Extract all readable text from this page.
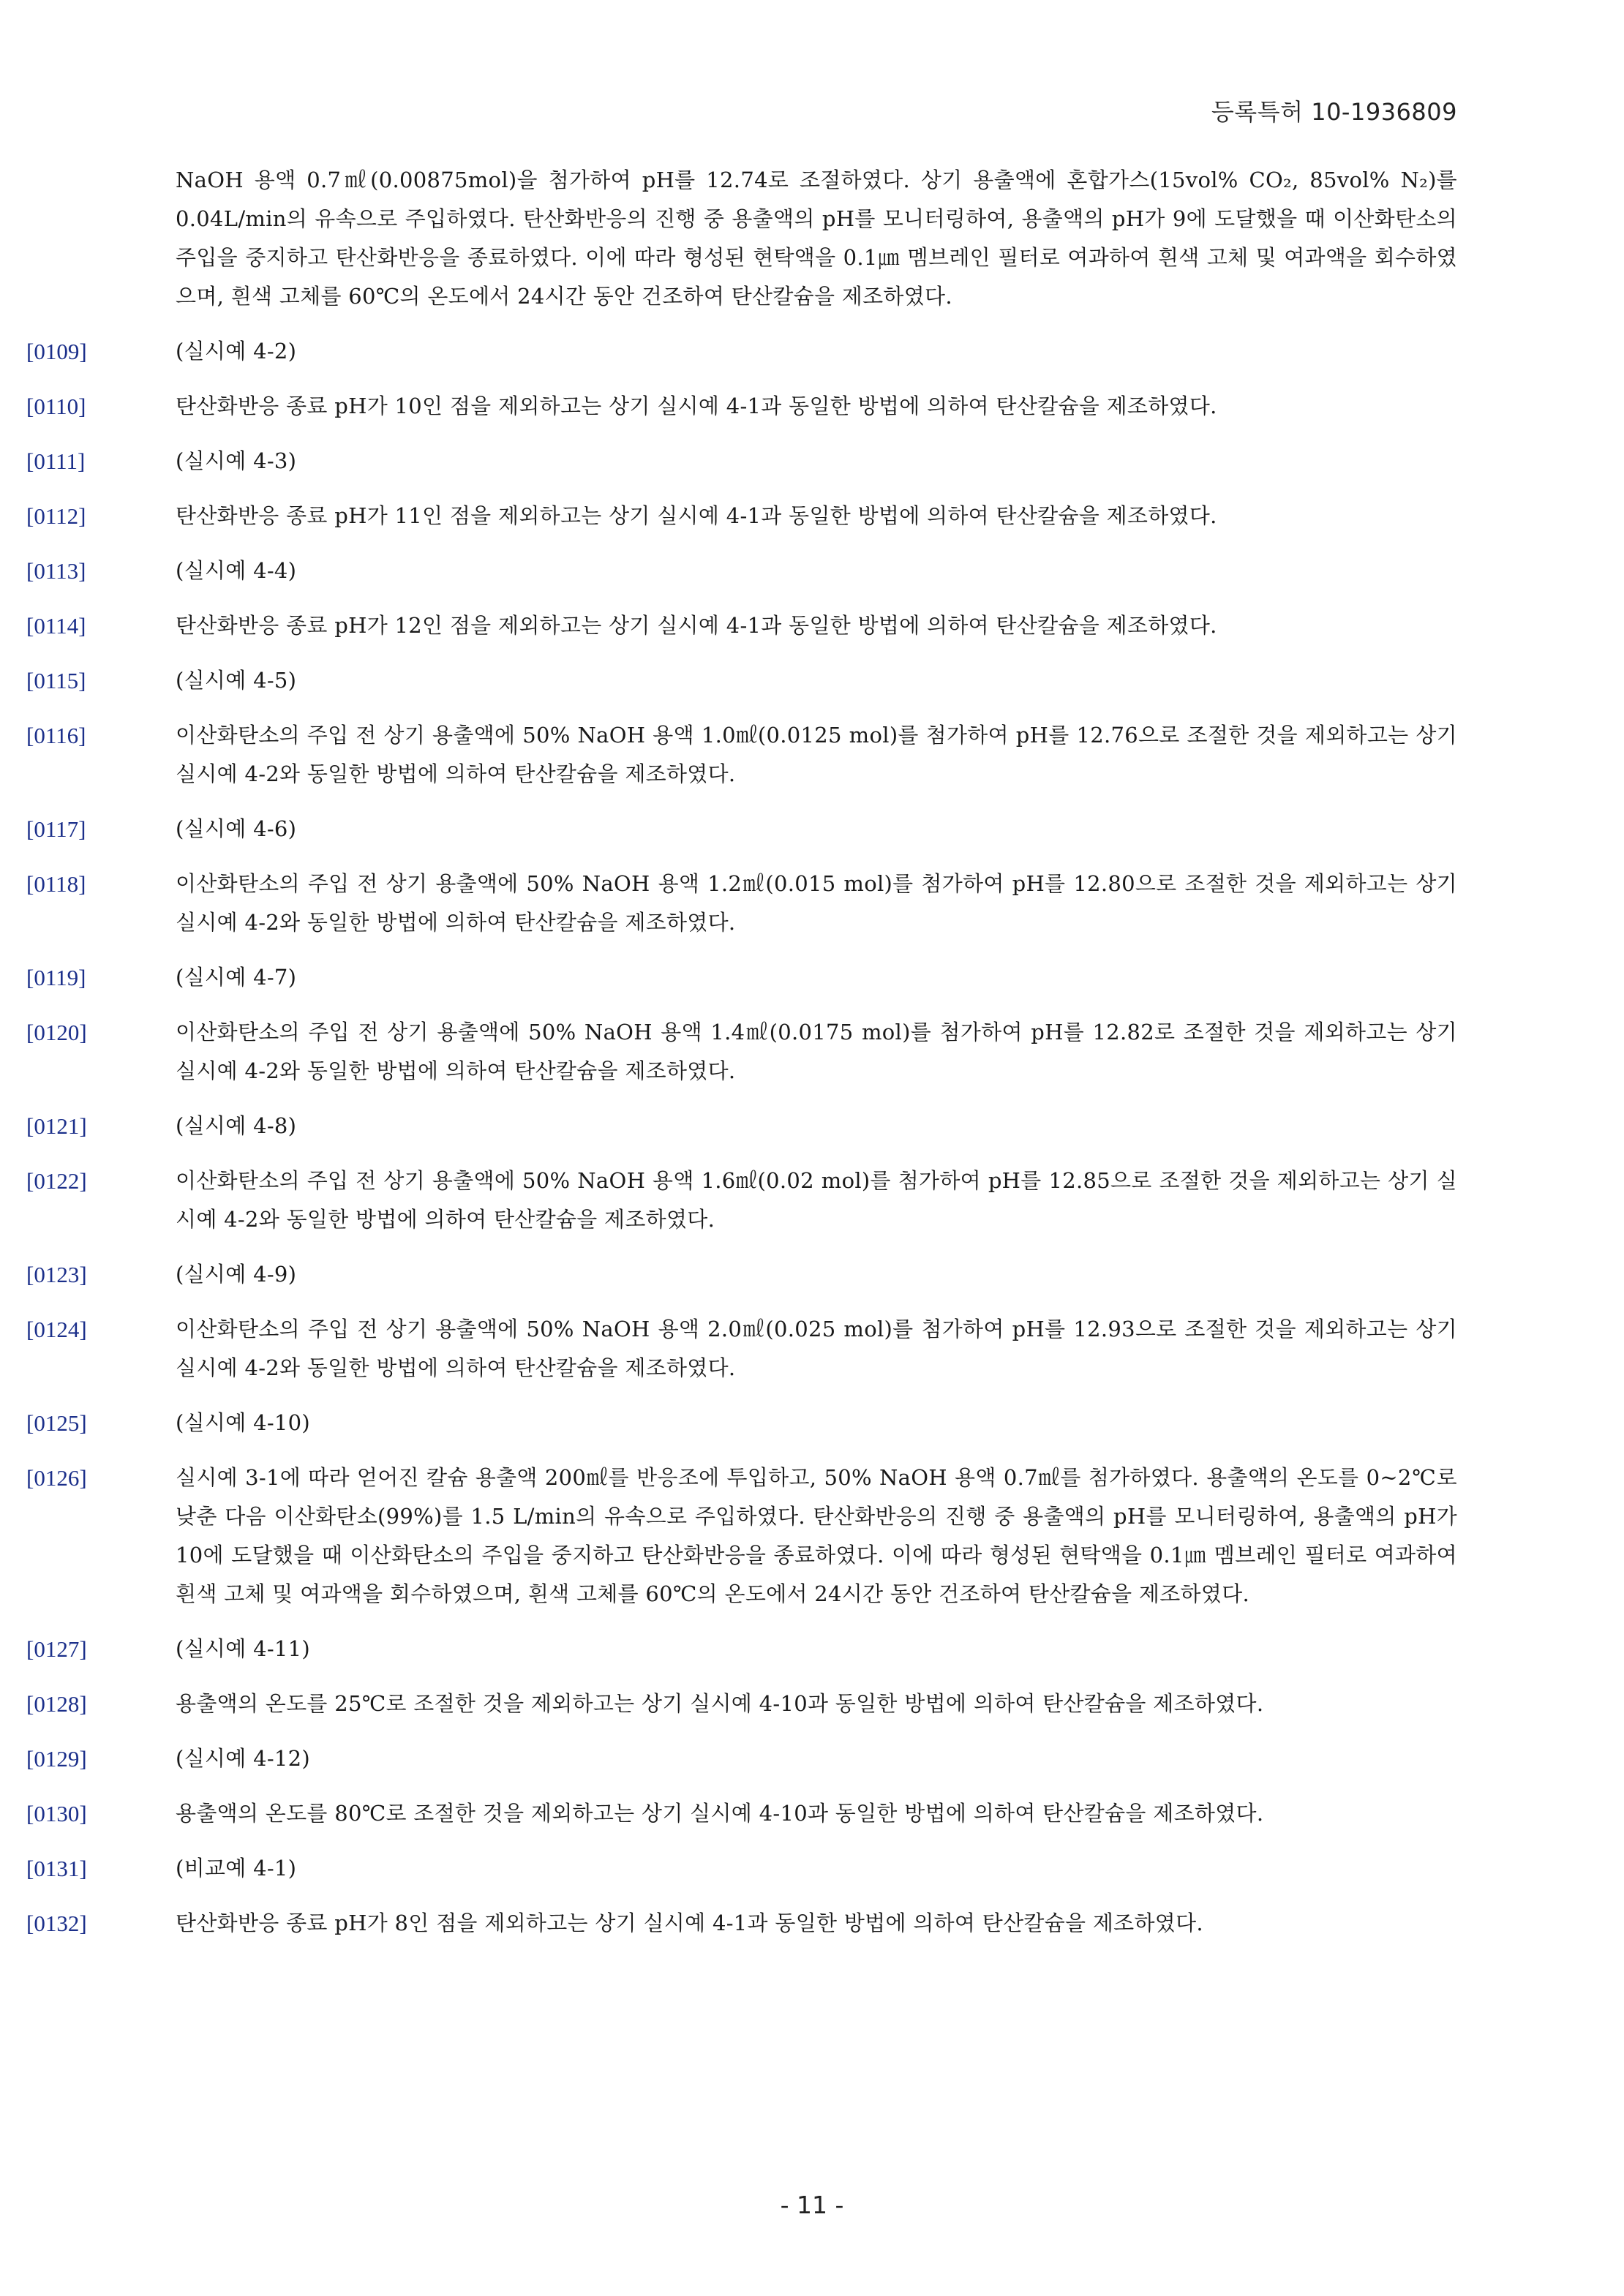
등록특허 10-1936809
NaOH 용액 0.7㎖(0.00875mol)을 첨가하여 pH를 12.74로 조절하였다. 상기 용출액에 혼합가스(15vol% CO₂, 85vol% N₂)를 0.04L/min의 유속으로 주입하였다. 탄산화반응의 진행 중 용출액의 pH를 모니터링하여, 용출액의 pH가 9에 도달했을 때 이산화탄소의 주입을 중지하고 탄산화반응을 종료하였다. 이에 따라 형성된 현탁액을 0.1㎛ 멤브레인 필터로 여과하여 흰색 고체 및 여과액을 회수하였으며, 흰색 고체를 60℃의 온도에서 24시간 동안 건조하여 탄산칼슘을 제조하였다.
[0109]	(실시예 4-2)
[0110]	탄산화반응 종료 pH가 10인 점을 제외하고는 상기 실시예 4-1과 동일한 방법에 의하여 탄산칼슘을 제조하였다.
[0111]	(실시예 4-3)
[0112]	탄산화반응 종료 pH가 11인 점을 제외하고는 상기 실시예 4-1과 동일한 방법에 의하여 탄산칼슘을 제조하였다.
[0113]	(실시예 4-4)
[0114]	탄산화반응 종료 pH가 12인 점을 제외하고는 상기 실시예 4-1과 동일한 방법에 의하여 탄산칼슘을 제조하였다.
[0115]	(실시예 4-5)
[0116]	이산화탄소의 주입 전 상기 용출액에 50% NaOH 용액 1.0㎖(0.0125 mol)를 첨가하여 pH를 12.76으로 조절한 것을 제외하고는 상기 실시예 4-2와 동일한 방법에 의하여 탄산칼슘을 제조하였다.
[0117]	(실시예 4-6)
[0118]	이산화탄소의 주입 전 상기 용출액에 50% NaOH 용액 1.2㎖(0.015 mol)를 첨가하여 pH를 12.80으로 조절한 것을 제외하고는 상기 실시예 4-2와 동일한 방법에 의하여 탄산칼슘을 제조하였다.
[0119]	(실시예 4-7)
[0120]	이산화탄소의 주입 전 상기 용출액에 50% NaOH 용액 1.4㎖(0.0175 mol)를 첨가하여 pH를 12.82로 조절한 것을 제외하고는 상기 실시예 4-2와 동일한 방법에 의하여 탄산칼슘을 제조하였다.
[0121]	(실시예 4-8)
[0122]	이산화탄소의 주입 전 상기 용출액에 50% NaOH 용액 1.6㎖(0.02 mol)를 첨가하여 pH를 12.85으로 조절한 것을 제외하고는 상기 실시예 4-2와 동일한 방법에 의하여 탄산칼슘을 제조하였다.
[0123]	(실시예 4-9)
[0124]	이산화탄소의 주입 전 상기 용출액에 50% NaOH 용액 2.0㎖(0.025 mol)를 첨가하여 pH를 12.93으로 조절한 것을 제외하고는 상기 실시예 4-2와 동일한 방법에 의하여 탄산칼슘을 제조하였다.
[0125]	(실시예 4-10)
[0126]	실시예 3-1에 따라 얻어진 칼슘 용출액 200㎖를 반응조에 투입하고, 50% NaOH 용액 0.7㎖를 첨가하였다. 용출액의 온도를 0~2℃로 낮춘 다음 이산화탄소(99%)를 1.5 L/min의 유속으로 주입하였다. 탄산화반응의 진행 중 용출액의 pH를 모니터링하여, 용출액의 pH가 10에 도달했을 때 이산화탄소의 주입을 중지하고 탄산화반응을 종료하였다. 이에 따라 형성된 현탁액을 0.1㎛ 멤브레인 필터로 여과하여 흰색 고체 및 여과액을 회수하였으며, 흰색 고체를 60℃의 온도에서 24시간 동안 건조하여 탄산칼슘을 제조하였다.
[0127]	(실시예 4-11)
[0128]	용출액의 온도를 25℃로 조절한 것을 제외하고는 상기 실시예 4-10과 동일한 방법에 의하여 탄산칼슘을 제조하였다.
[0129]	(실시예 4-12)
[0130]	용출액의 온도를 80℃로 조절한 것을 제외하고는 상기 실시예 4-10과 동일한 방법에 의하여 탄산칼슘을 제조하였다.
[0131]	(비교예 4-1)
[0132]	탄산화반응 종료 pH가 8인 점을 제외하고는 상기 실시예 4-1과 동일한 방법에 의하여 탄산칼슘을 제조하였다.
- 11 -
